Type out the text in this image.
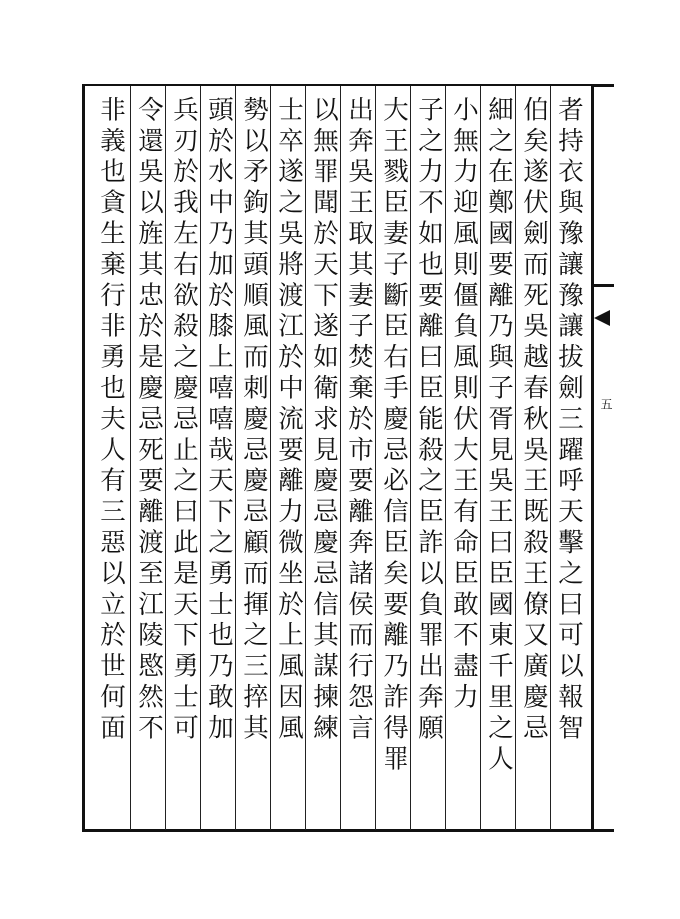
者持衣與豫讓豫讓拔劍三躍呼天擊之曰可以報智
伯矣遂伏劍而死吳越春秋吳王既殺王僚又廣慶忌
細之在鄭國要離乃與子胥見吳王曰臣國東千里之人
小無力迎風則僵負風則伏大王有命臣敢不盡力
子之力不如也要離曰臣能殺之臣詐以負罪出奔願
大王戮臣妻子斷臣右手慶忌必信臣矣要離乃詐得罪
出奔吳王取其妻子焚棄於市要離奔諸侯而行怨言
以無罪聞於天下遂如衛求見慶忌慶忌信其謀揀練
士卒遂之吳將渡江於中流要離力微坐於上風因風
勢以矛鉤其頭順風而刺慶忌慶忌顧而揮之三捽其
頭於水中乃加於膝上嘻嘻哉天下之勇士也乃敢加
兵刃於我左右欲殺之慶忌止之曰此是天下勇士可
令還吳以旌其忠於是慶忌死要離渡至江陵愍然不
非義也貪生棄行非勇也夫人有三惡以立於世何面	五
